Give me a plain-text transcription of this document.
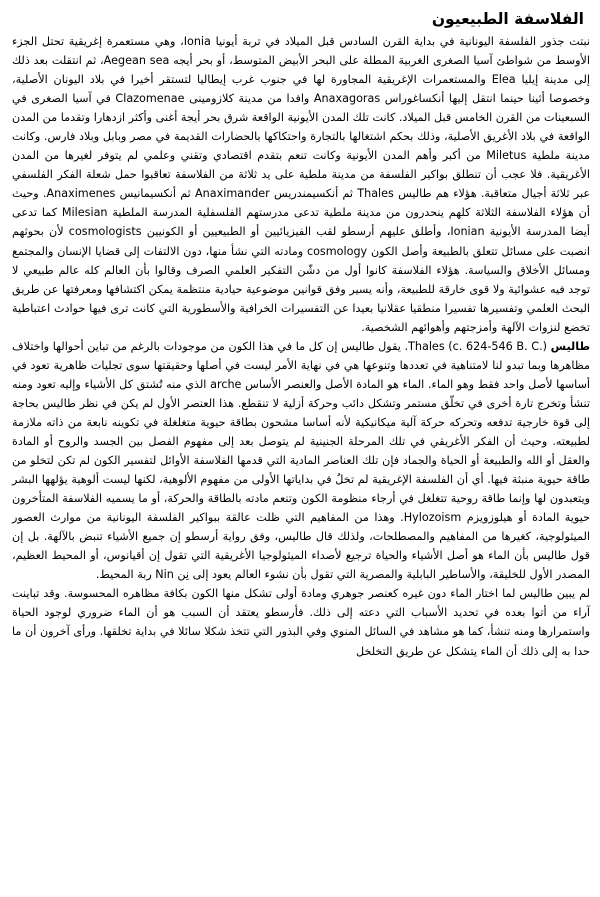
الفلاسفة الطبيعيون

نبتت جذور الفلسفة اليونانية في بداية القرن السادس قبل الميلاد في تربة أيونيا Ionia، وهي مستعمرة إغريقية تحتل الجزء الأوسط من شواطئ آسيا الصغرى الغربية المطلة على البحر الأبيض المتوسط، أو بحر أيجه Aegean sea، ثم انتقلت بعد ذلك إلى مدينة إيليا Elea والمستعمرات الإغريقية المجاورة لها في جنوب غرب إيطاليا لتستقر أخيرا في بلاد اليونان الأصلية، وخصوصا أثينا حينما انتقل إليها أنكساغوراس Anaxagoras وافدا من مدينة كلازومينى Clazomenae في آسيا الصغرى في السبعينات من القرن الخامس قبل الميلاد. كانت تلك المدن الأيونية الواقعة شرق بحر أيجة أغنى وأكثر ازدهارا وتقدما من المدن الواقعة في بلاد الأغريق الأصلية، وذلك بحكم اشتغالها بالتجارة واحتكاكها بالحضارات القديمة في مصر وبابل وبلاد فارس. وكانت مدينة ملطية Miletus من أكبر وأهم المدن الأيونية وكانت تنعم بتقدم اقتصادي وتقني وعلمي لم يتوفر لغيرها من المدن الأغريقية. فلا عجب أن تنطلق بواكير الفلسفة من مدينة ملطية على يد ثلاثة من الفلاسفة تعاقبوا حمل شعلة الفكر الفلسفي عبر ثلاثة أجيال متعاقبة. هؤلاء هم طاليس Thales ثم أنكسيمندريس Anaximander ثم أنكسيمانيس Anaximenes. وحيث أن هؤلاء الفلاسفة الثلاثة كلهم ينحدرون من مدينة ملطية تدعى مدرستهم الفلسفلية المدرسة الملطية Milesian كما تدعى أيضا المدرسة الأيونية Ionian، وأطلق عليهم أرسطو لقب الفيزيائيين أو الطبيعيين أو الكونيين cosmologists لأن بحوثهم انصبت على مسائل تتعلق بالطبيعة وأصل الكون cosmology ومادته التي نشأ منها، دون الالتفات إلى قضايا الإنسان والمجتمع ومسائل الأخلاق والسياسة. هؤلاء الفلاسفة كانوا أول من دشّن التفكير العلمي الصرف وقالوا بأن العالم كله عالم طبيعي لا توجد فيه عشوائية ولا قوى خارقة للطبيعة، وأنه يسير وفق قوانين موضوعية حيادية منتظمة يمكن اكتشافها ومعرفتها عن طريق البحث العلمي وتفسيرها تفسيرا منطقيا عقلانيا بعيدا عن التفسيرات الخرافية والأسطورية التي كانت ترى فيها حوادث اعتباطية تخضع لنزوات الآلهة وأمزجتهم وأهوائهم الشخصية.

طاليس Thales (c. 624-546 B. C.). يقول طاليس إن كل ما في هذا الكون من موجودات بالرغم من تباين أحوالها واختلاف مظاهرها وبما تبدو لنا لامتناهية في تعددها وتنوعها هي في نهاية الأمر ليست في أصلها وحقيقتها سوى تجليات ظاهرية تعود في أساسها لأصل واحد فقط وهو الماء. الماء هو المادة الأصل والعنصر الأساس arche الذي منه تُشتق كل الأشياء وإليه تعود ومنه تنشأ وتخرج تارة أخرى في تخلّق مستمر وتشكل دائب وحركة أزلية لا تنقطع. هذا العنصر الأول لم يكن في نظر طاليس بحاجة إلى قوة خارجية تدفعه وتحركه حركة آلية ميكانيكية لأنه أساسا مشحون بطاقة حيوية متغلغلة في تكوينه نابعة من ذاته ملازمة لطبيعته. وحيث أن الفكر الأغريقي في تلك المرحلة الجنينية لم يتوصل بعد إلى مفهوم الفصل بين الجسد والروح أو المادة والعقل أو الله والطبيعة أو الحياة والجماد فإن تلك العناصر المادية التي قدمها الفلاسفة الأوائل لتفسير الكون لم تكن لتخلو من طاقة حيوية منبثة فيها. أي أن الفلسفة الإغريقية لم تخلُ في بداياتها الأولى من مفهوم الألوهية، لكنها ليست ألوهية يؤلهها البشر ويتعبدون لها وإنما طاقة روحية تتغلغل في أرجاء منظومة الكون وتنعم مادته بالطاقة والحركة، أو ما يسميه الفلاسفة المتأخرون حيوية المادة أو هيلوزويزم Hylozoism. وهذا من المفاهيم التي ظلت عالقة ببواكير الفلسفة اليونانية من موارث العصور الميثولوجية، كغيرها من المفاهيم والمصطلحات، ولذلك قال طاليس، وفق رواية أرسطو إن جميع الأشياء تنبض بالآلهة. بل إن قول طاليس بأن الماء هو أصل الأشياء والحياة ترجيع لأصداء الميثولوجيا الأغريقية التي تقول إن أقيانوس، أو المحيط العظيم، المصدر الأول للخليقة، والأساطير البابلية والمصرية التي تقول بأن نشوء العالم يعود إلى نِن Nin ربة المحيط.

لم يبين طاليس لما اختار الماء دون غيره كعنصر جوهري ومادة أولى تشكل منها الكون بكافة مظاهره المحسوسة. وقد تباينت آراء من أتوا بعده في تحديد الأسباب التي دعته إلى ذلك. فأرسطو يعتقد أن السبب هو أن الماء ضروري لوجود الحياة واستمرارها ومنه تنشأ، كما هو مشاهد في السائل المنوي وفي البذور التي تتخذ شكلا سائلا في بداية تخلقها. ورأى آخرون أن ما حدا به إلى ذلك أن الماء يتشكل عن طريق التخلخل
